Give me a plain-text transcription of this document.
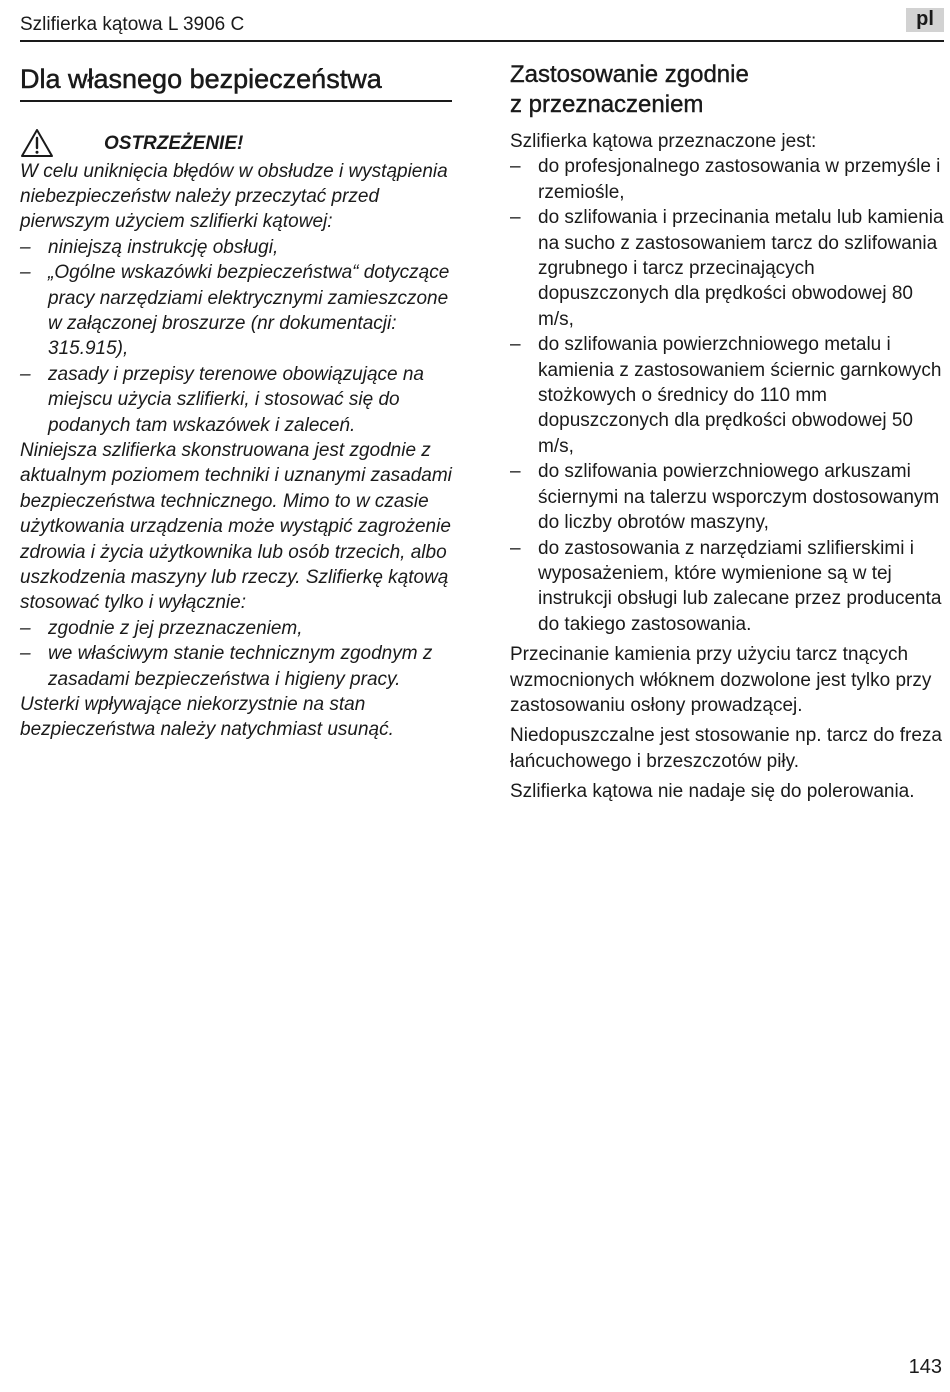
Szlifierka kątowa L 3906 C	pl
Dla własnego bezpieczeństwa
OSTRZEŻENIE!

W celu uniknięcia błędów w obsłudze i wystąpienia niebezpieczeństw należy przeczytać przed pierwszym użyciem szlifierki kątowej:

– niniejszą instrukcję obsługi,
– „Ogólne wskazówki bezpieczeństwa“ dotyczące pracy narzędziami elektrycznymi zamieszczone w załączonej broszurze (nr dokumentacji: 315.915),
– zasady i przepisy terenowe obowiązujące na miejscu użycia szlifierki, i stosować się do podanych tam wskazówek i zaleceń.

Niniejsza szlifierka skonstruowana jest zgodnie z aktualnym poziomem techniki i uznanymi zasadami bezpieczeństwa technicznego. Mimo to w czasie użytkowania urządzenia może wystąpić zagrożenie zdrowia i życia użytkownika lub osób trzecich, albo uszkodzenia maszyny lub rzeczy. Szlifierkę kątową stosować tylko i wyłącznie:

– zgodnie z jej przeznaczeniem,
– we właściwym stanie technicznym zgodnym z zasadami bezpieczeństwa i higieny pracy.

Usterki wpływające niekorzystnie na stan bezpieczeństwa należy natychmiast usunąć.

Zastosowanie zgodnie
z przeznaczeniem

Szlifierka kątowa przeznaczone jest:

– do profesjonalnego zastosowania w przemyśle i rzemiośle,
– do szlifowania i przecinania metalu lub kamienia na sucho z zastosowaniem tarcz do szlifowania zgrubnego i tarcz przecinających dopuszczonych dla prędkości obwodowej 80 m/s,
– do szlifowania powierzchniowego metalu i kamienia z zastosowaniem ściernic garnkowych stożkowych o średnicy do 110 mm dopuszczonych dla prędkości obwodowej 50 m/s,
– do szlifowania powierzchniowego arkuszami ściernymi na talerzu wsporczym dostosowanym do liczby obrotów maszyny,
– do zastosowania z narzędziami szlifierskimi i wyposażeniem, które wymienione są w tej instrukcji obsługi lub zalecane przez producenta do takiego zastosowania.

Przecinanie kamienia przy użyciu tarcz tnących wzmocnionych włóknem dozwolone jest tylko przy zastosowaniu osłony prowadzącej.

Niedopuszczalne jest stosowanie np. tarcz do freza łańcuchowego i brzeszczotów piły.

Szlifierka kątowa nie nadaje się do polerowania.

143
